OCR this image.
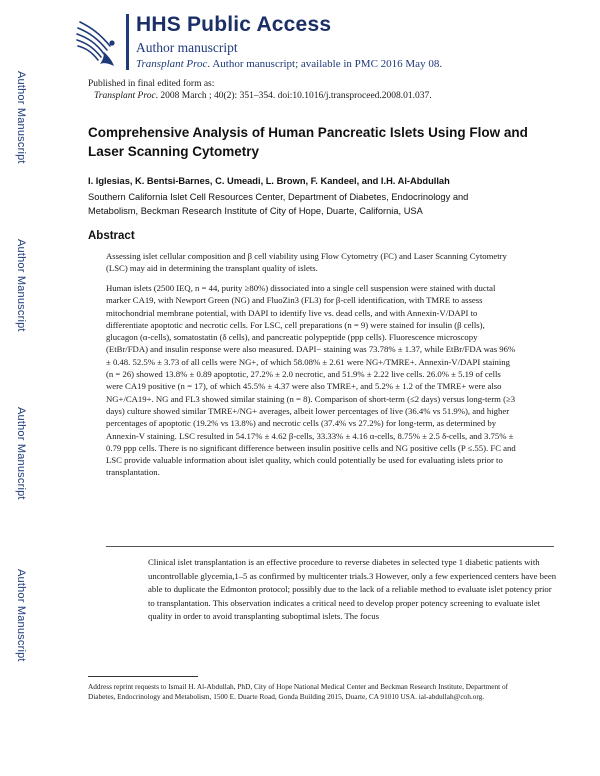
Author Manuscript
Author Manuscript
Author Manuscript
Author Manuscript
HHS Public Access
Author manuscript
Transplant Proc. Author manuscript; available in PMC 2016 May 08.
Published in final edited form as:
Transplant Proc. 2008 March ; 40(2): 351–354. doi:10.1016/j.transproceed.2008.01.037.
Comprehensive Analysis of Human Pancreatic Islets Using Flow and Laser Scanning Cytometry
I. Iglesias, K. Bentsi-Barnes, C. Umeadi, L. Brown, F. Kandeel, and I.H. Al-Abdullah
Southern California Islet Cell Resources Center, Department of Diabetes, Endocrinology and Metabolism, Beckman Research Institute of City of Hope, Duarte, California, USA
Abstract
Assessing islet cellular composition and β cell viability using Flow Cytometry (FC) and Laser Scanning Cytometry (LSC) may aid in determining the transplant quality of islets.
Human islets (2500 IEQ, n = 44, purity ≥80%) dissociated into a single cell suspension were stained with ductal marker CA19, with Newport Green (NG) and FluoZin3 (FL3) for β-cell identification, with TMRE to assess mitochondrial membrane potential, with DAPI to identify live vs. dead cells, and with Annexin-V/DAPI to differentiate apoptotic and necrotic cells. For LSC, cell preparations (n = 9) were stained for insulin (β cells), glucagon (α-cells), somatostatin (δ cells), and pancreatic polypeptide (ppp cells). Fluorescence microscopy (EtBr/FDA) and insulin response were also measured. DAPI− staining was 73.78% ± 1.37, while EtBr/FDA was 96% ± 0.48. 52.5% ± 3.73 of all cells were NG+, of which 58.08% ± 2.61 were NG+/TMRE+. Annexin-V/DAPI staining (n = 26) showed 13.8% ± 0.89 apoptotic, 27.2% ± 2.0 necrotic, and 51.9% ± 2.22 live cells. 26.0% ± 5.19 of cells were CA19 positive (n = 17), of which 45.5% ± 4.37 were also TMRE+, and 5.2% ± 1.2 of the TMRE+ were also NG+/CA19+. NG and FL3 showed similar staining (n = 8). Comparison of short-term (≤2 days) versus long-term (≥3 days) culture showed similar TMRE+/NG+ averages, albeit lower percentages of live (36.4% vs 51.9%), and higher percentages of apoptotic (19.2% vs 13.8%) and necrotic cells (37.4% vs 27.2%) for long-term, as determined by Annexin-V staining. LSC resulted in 54.17% ± 4.62 β-cells, 33.33% ± 4.16 α-cells, 8.75% ± 2.5 δ-cells, and 3.75% ± 0.79 ppp cells. There is no significant difference between insulin positive cells and NG positive cells (P ≤.55). FC and LSC provide valuable information about islet quality, which could potentially be used for evaluating islets prior to transplantation.
Clinical islet transplantation is an effective procedure to reverse diabetes in selected type 1 diabetic patients with uncontrollable glycemia,1–5 as confirmed by multicenter trials.3 However, only a few experienced centers have been able to duplicate the Edmonton protocol; possibly due to the lack of a reliable method to evaluate islet potency prior to transplantation. This observation indicates a critical need to develop proper potency screening to evaluate islet quality in order to avoid transplanting suboptimal islets. The focus
Address reprint requests to Ismail H. Al-Abdullah, PhD, City of Hope National Medical Center and Beckman Research Institute, Department of Diabetes, Endocrinology and Metabolism, 1500 E. Duarte Road, Gonda Building 2015, Duarte, CA 91010 USA. ial-abdullah@coh.org.
